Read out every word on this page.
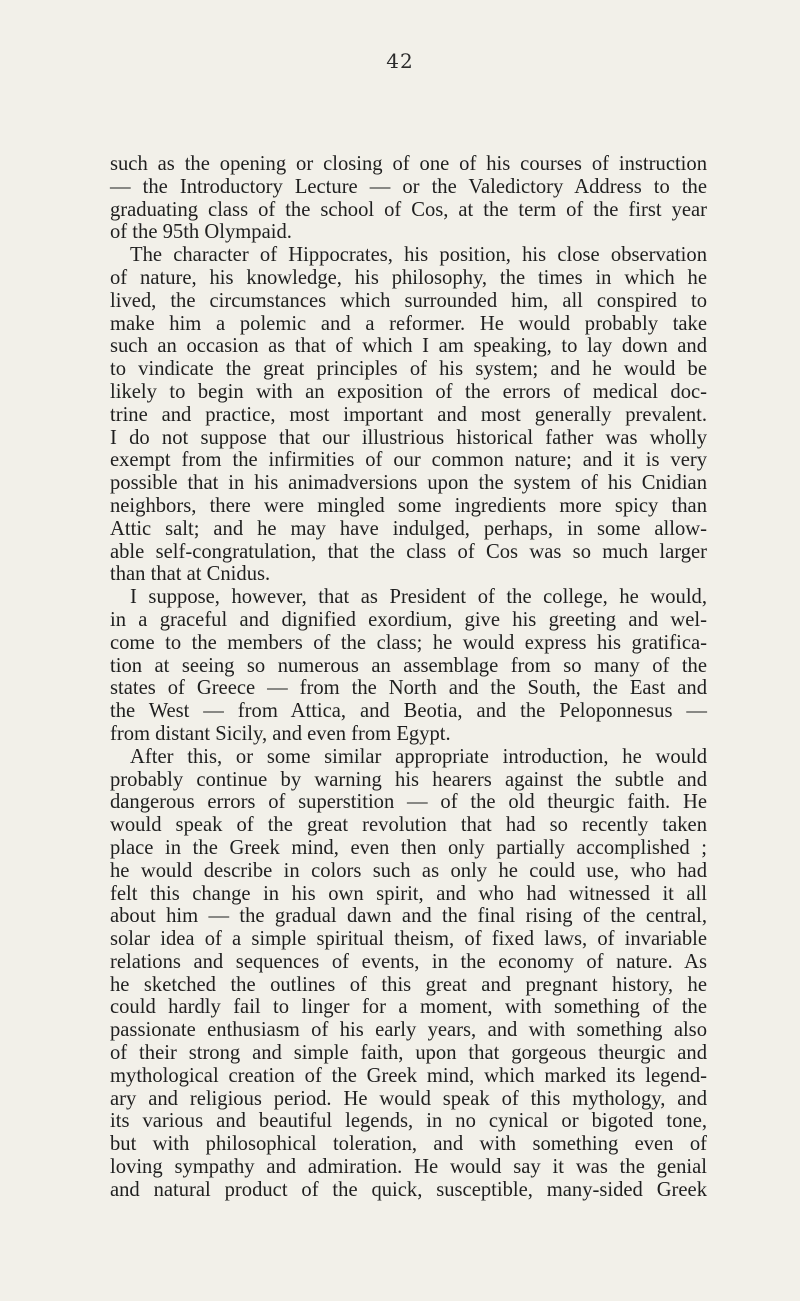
42
such as the opening or closing of one of his courses of instruction
— the Introductory Lecture — or the Valedictory Address to the
graduating class of the school of Cos, at the term of the first year
of the 95th Olympaid.
The character of Hippocrates, his position, his close observation
of nature, his knowledge, his philosophy, the times in which he
lived, the circumstances which surrounded him, all conspired to
make him a polemic and a reformer. He would probably take
such an occasion as that of which I am speaking, to lay down and
to vindicate the great principles of his system; and he would be
likely to begin with an exposition of the errors of medical doc-
trine and practice, most important and most generally prevalent.
I do not suppose that our illustrious historical father was wholly
exempt from the infirmities of our common nature; and it is very
possible that in his animadversions upon the system of his Cnidian
neighbors, there were mingled some ingredients more spicy than
Attic salt; and he may have indulged, perhaps, in some allow-
able self-congratulation, that the class of Cos was so much larger
than that at Cnidus.
I suppose, however, that as President of the college, he would,
in a graceful and dignified exordium, give his greeting and wel-
come to the members of the class; he would express his gratifica-
tion at seeing so numerous an assemblage from so many of the
states of Greece — from the North and the South, the East and
the West — from Attica, and Beotia, and the Peloponnesus —
from distant Sicily, and even from Egypt.
After this, or some similar appropriate introduction, he would
probably continue by warning his hearers against the subtle and
dangerous errors of superstition — of the old theurgic faith. He
would speak of the great revolution that had so recently taken
place in the Greek mind, even then only partially accomplished ;
he would describe in colors such as only he could use, who had
felt this change in his own spirit, and who had witnessed it all
about him — the gradual dawn and the final rising of the central,
solar idea of a simple spiritual theism, of fixed laws, of invariable
relations and sequences of events, in the economy of nature. As
he sketched the outlines of this great and pregnant history, he
could hardly fail to linger for a moment, with something of the
passionate enthusiasm of his early years, and with something also
of their strong and simple faith, upon that gorgeous theurgic and
mythological creation of the Greek mind, which marked its legend-
ary and religious period. He would speak of this mythology, and
its various and beautiful legends, in no cynical or bigoted tone,
but with philosophical toleration, and with something even of
loving sympathy and admiration. He would say it was the genial
and natural product of the quick, susceptible, many-sided Greek
